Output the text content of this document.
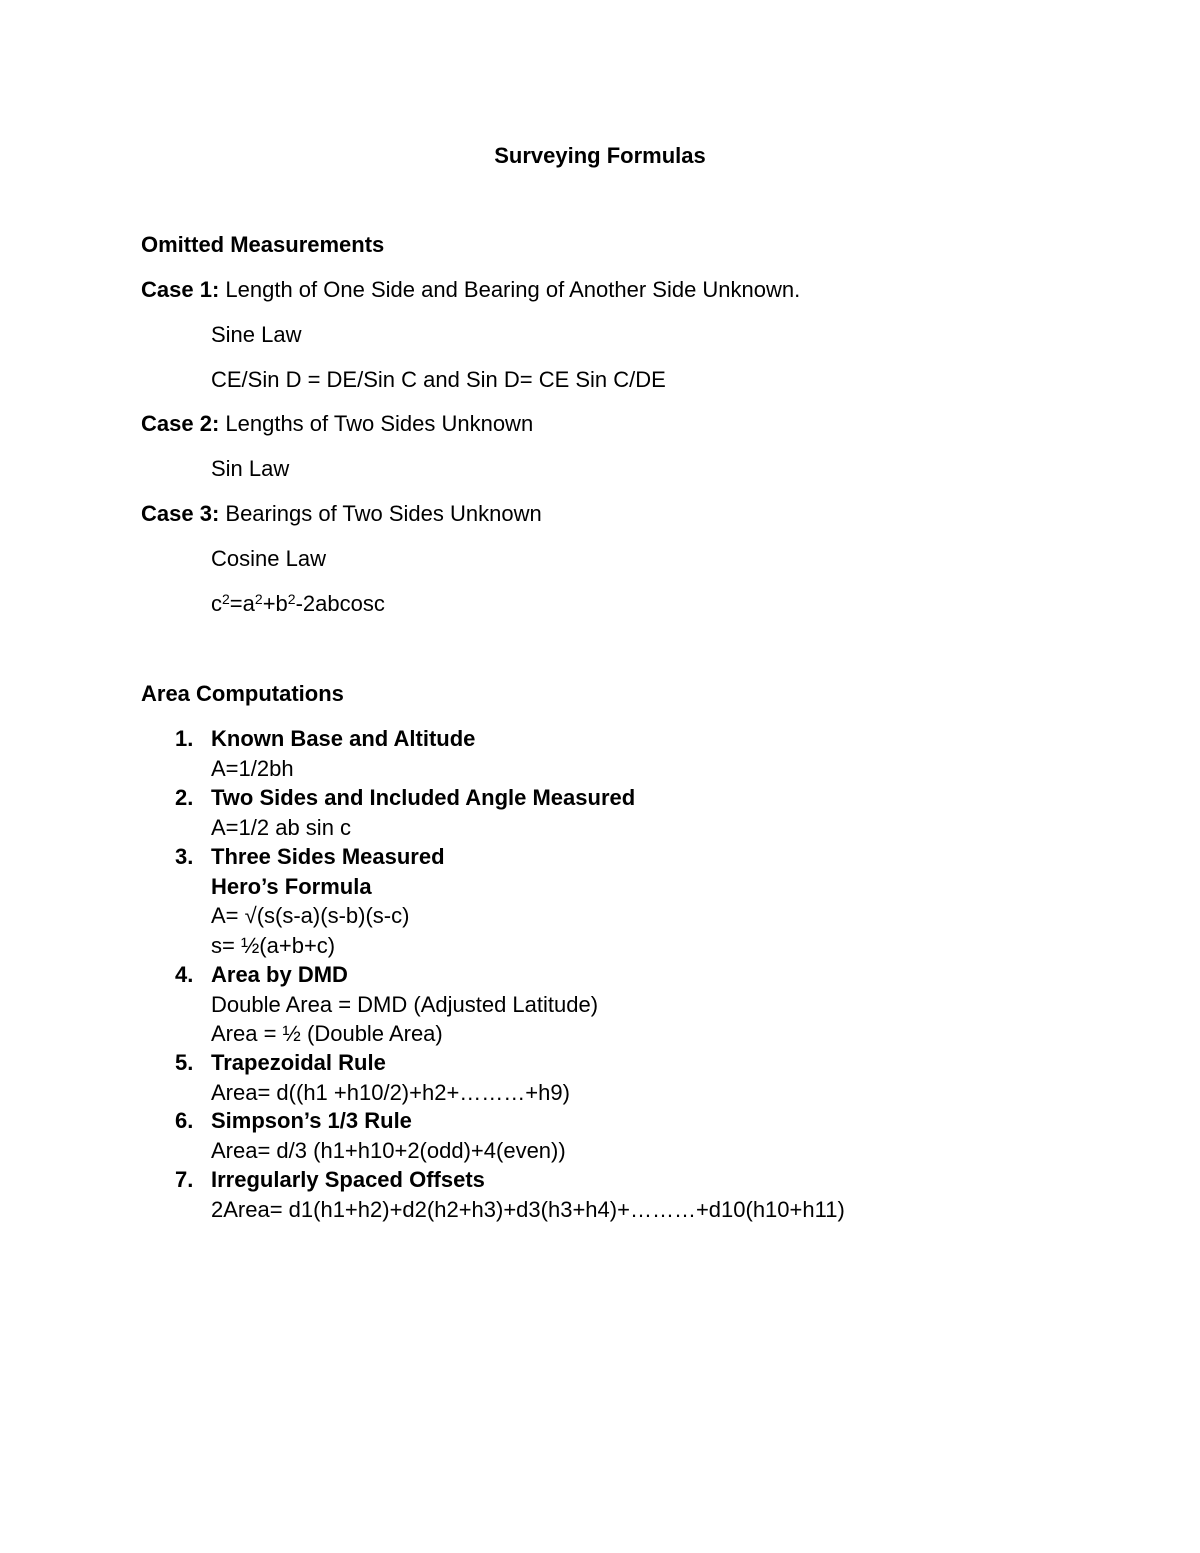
Surveying Formulas
Omitted Measurements
Case 1: Length of One Side and Bearing of Another Side Unknown.
Sine Law
CE/Sin D = DE/Sin C and Sin D= CE Sin C/DE
Case 2: Lengths of Two Sides Unknown
Sin Law
Case 3: Bearings of Two Sides Unknown
Cosine Law
$c^2=a^2+b^2-2abcosc$
Area Computations
1. Known Base and Altitude
A=1/2bh
2. Two Sides and Included Angle Measured
A=1/2 ab sin c
3. Three Sides Measured
Hero’s Formula
A= √(s(s-a)(s-b)(s-c)
s= ½(a+b+c)
4. Area by DMD
Double Area = DMD (Adjusted Latitude)
Area = ½ (Double Area)
5. Trapezoidal Rule
Area= d((h1 +h10/2)+h2+………+h9)
6. Simpson’s 1/3 Rule
Area= d/3 (h1+h10+2(odd)+4(even))
7. Irregularly Spaced Offsets
2Area= d1(h1+h2)+d2(h2+h3)+d3(h3+h4)+………+d10(h10+h11)
